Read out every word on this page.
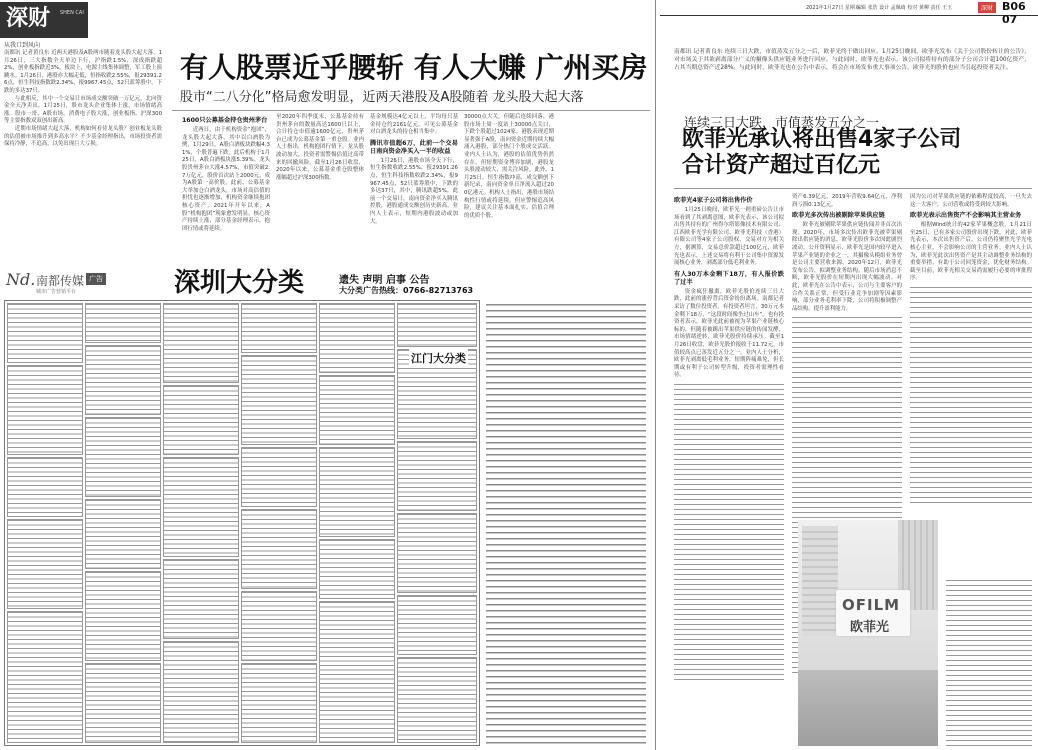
深财 SHEN CAI
从我口到风向

南都讯 记者黄良东 近两天港股及A股两市随着龙头股大起大落，1月26日，三大指数全天单边下行，沪指跌1.5%，深成指跌超2%，创业板指跌近3%，板块上，电源主线集体调整，军工股上演跳水。1月26日，港股亦大幅走低，恒指收跌2.55%，报29391.26点，恒生科技指数跌2.34%，报9967.45点，52只蓝筹股中，下跌的多达37只。

与此相反，其中一个交易日市场成交额突破一万亿元，北向资金全天净卖出。1月25日，股市龙头企业集体上涨，市场情绪高涨。股市一哥、A股市场，消费电子股大涨，创业板指、沪深300等主要指数双双创出新高。

近期市场情绪大起大落，机构如何看待龙头股？创业板龙头股的估值被市场推升到多高水平？不少基金经理指出，市场投资者需保持冷静，不追高，以免出现巨大亏损。

有人股票近乎腰斩 有人大赚 广州买房
股市“二八分化”格局愈发明显，近两天港股及A股随着 龙头股大起大落
1600只公募基金持仓贵州茅台

近两日，由于机构资金“抱团”，龙头股大起大落，其中以白酒股为例，1月29日，A股白酒板块跌幅4.31%，个股普遍下跌。此后机构于1月25日，A股白酒板块涨5.39%。龙头股贵州茅台大涨4.57%，市值突破2.7万亿元，股价首次站上2000元，成为A股第一高价股。此前，公募基金大举加仓白酒龙头，市场对高估值的担忧也逐渐增加，机构资金继续抱团核心资产。2021年开年以来，A股“机构抱团”现象愈发明显，核心资产持续上涨，部分基金经理表示，抱团行情或将延续。

至2020年四季度末，公募基金持有贵州茅台的数量高达1600只以上，合计持仓市值逾1600亿元，贵州茅台已成为公募基金第一重仓股。业内人士指出，机构抱团行情下，龙头股波动加大，投资者需警惕估值过高带来的回撤风险。截至1月26日收盘，2020年以来，公募基金重仓股整体涨幅超过沪深300指数。

基金规模达4亿元以上，平均每只基金持仓约2161亿元。可见公募基金对白酒龙头的持仓相当集中。

腾讯市值超6万，此前一个交易日南向资金净买入一半的收益

1月26日，港股市场全天下行，恒生指数收跌2.55%，报29391.26点，恒生科技指数收跌2.34%，报9967.45点，52只蓝筹股中，下跌的多达37只，其中，腾讯跌超5%，此前一个交易日，南向资金净买入腾讯控股，港股通成交额创历史新高。业内人士表示，短期内港股波动或加大。

30000点大关，但随后连续回落，港股市场上周一度站上30000点关口，下跌个股超过1024家。港股表现近期显著强于A股，南向资金近期持续大幅涌入港股，部分热门个股成交活跃。业内人士认为，港股的估值优势仍然存在，但短期资金博弈加剧，港股龙头股波动较大，需关注风险。此外，1月25日，恒生指数冲高，成交额创下新纪录，南向资金单日净流入超过200亿港元。机构人士指出，港股市场结构性行情或将延续，但应警惕追高风险，建议关注基本面扎实、估值合理的优质个股。

Nd. 南都传媒 广告
城市广告营销平台	深圳大分类	遗失 声明 启事 公告
大分类广告热线：0766-82713763
江门大分类
2021年1月27日 星期三
编辑 张浩 设计 孟佩绮 校对 黄柳 责任 王玉	深财 B06 07

南都讯 记者黄良东 连续三日大跌，市值蒸发五分之一后，欧菲光终于做出回应。1月25日晚间，欧菲光发布《关于公司股份转让的公告》，对市场关于其欲剥离部分广义的摄像头供应链业务进行回应。与此同时，欧菲光也表示，该公司拟将持有的部分子公司合计超100亿资产，占其当期总资产近28%。与此同时，欧菲光也在公告中表示，将会在市场发布重大事项公告，欧菲光的股价也应当引起投资者关注。

连续三日大跌，市值蒸发五分之一
欧菲光承认将出售4家子公司
合计资产超过百亿元
欧菲光4家子公司将出售作价

1月25日晚间，欧菲光一则重磅公告让市场看到了其剥离意图，欧菲光表示，该公司拟出售其持有的广州得尔塔影像技术有限公司、江西欧菲光学有限公司、欧菲光科技（香港）有限公司等4家子公司股权，交易对方为相关方，据测算，交易总价款超过100亿元，欧菲光也表示，上述交易将有利于公司集中资源发展核心业务，剥离部分低毛利业务。

有人30万本金剩下18万，有人报价跌了过半

资金疯狂撤离，欧菲光股价连续三日大跌，此前的涨停背后资金纷纷离场。南都记者采访了数位投资者，有投资者坦言，30万元本金剩下18万，“这段时间像坐过山车”。也有投资者表示，欧菲光此前被视为苹果产业链核心标的，但随着被踢出苹果供应链的传闻发酵，市场情绪逆转，欧菲光股价持续承压。截至1月26日收盘，欧菲光股价报收于11.72元，市值较高点已蒸发近五分之一。业内人士分析，欧菲光剥离低毛利业务，短期阵痛难免，但长期或有利于公司转型升级，投资者需理性看待。

资产6.39亿元，2019年营收9.64亿元，净利润亏损0.13亿元。

欧菲光多次传出被剔除苹果供应链

欧菲光被剔除苹果供应链传闻并非首次出现。2020年，市场多次传出欧菲光被苹果剔除出供应链的消息，欧菲光股价多次因此剧烈波动。公开资料显示，欧菲光是国内较早进入苹果产业链的企业之一，其摄像头模组业务曾是公司主要营收来源。2020年12月，欧菲光发布公告，拟调整业务结构。随后市场消息不断，欧菲光股价在短期内出现大幅波动。对此，欧菲光在公告中表示，公司与主要客户的合作关系正常，但受行业竞争加剧等因素影响，部分业务毛利率下降，公司将积极调整产品结构，提升盈利能力。

因为公司对苹果供应链的依赖程度较高，一旦失去这一大客户，公司营收或将受到较大影响。

欧菲光表示出售资产不会影响其主营业务

根据Wind统计的42家苹果概念股，1月21日至25日，已有多家公司股价出现下跌。对此，欧菲光表示，本次出售资产后，公司仍将聚焦光学光电核心主业，不会影响公司的主营业务。业内人士认为，欧菲光此次出售资产是其主动调整业务结构的重要举措，有助于公司回笼资金，优化财务结构。截至目前，欧菲光相关交易尚需履行必要的审批程序。

OFILM
欧菲光
